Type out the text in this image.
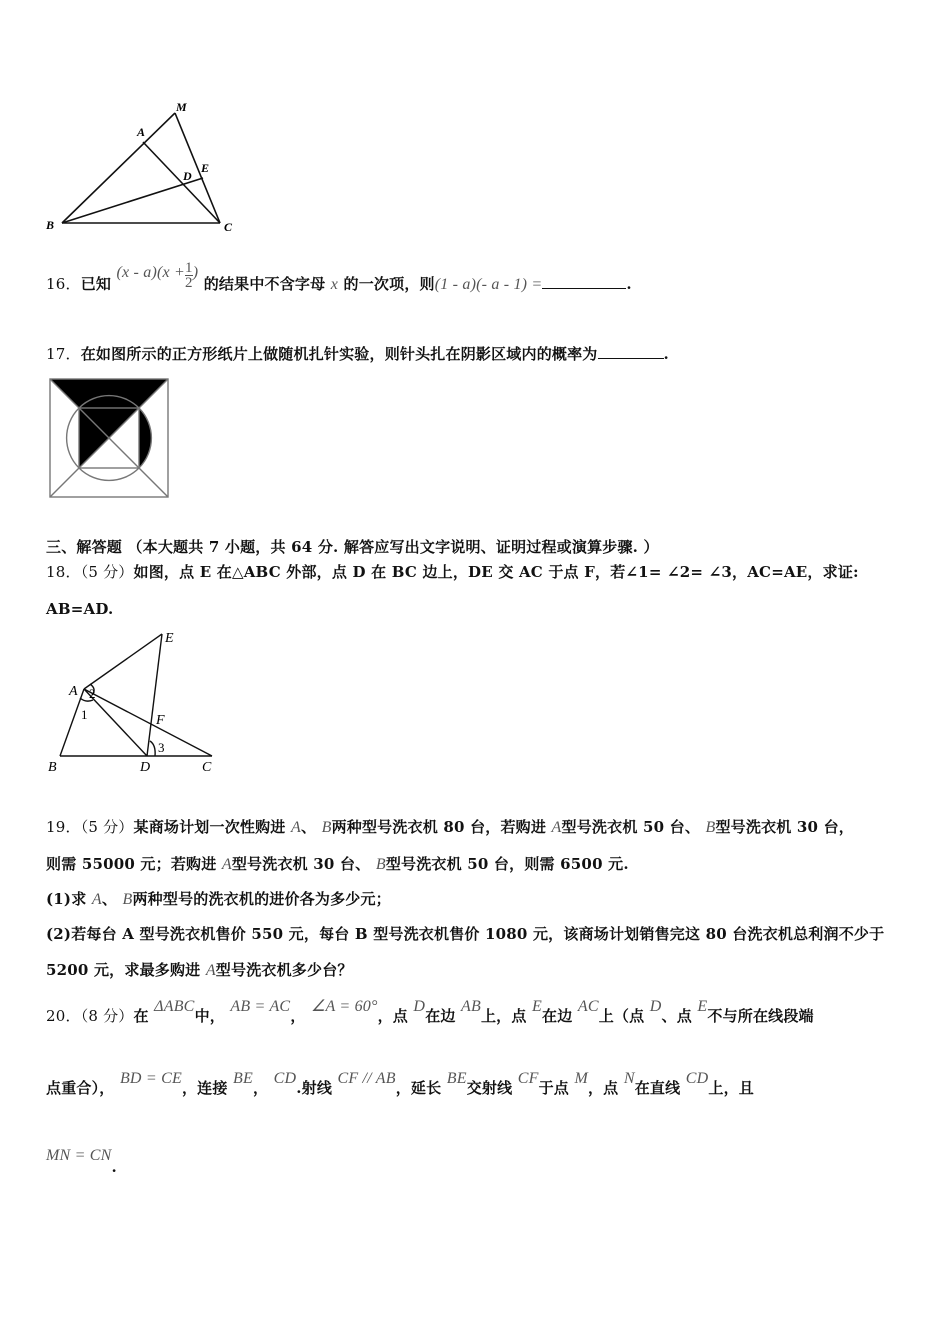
M
A
E
D
B	C
16．已知 $(x - a)(x + \frac{1}{2}$ ) 的结果中不含字母 x 的一次项，则(1 - a)(- a - 1) =	.
17．在如图所示的正方形纸片上做随机扎针实验，则针头扎在阴影区域内的概率为	.
三、解答题 （本大题共 7 小题，共 64 分. 解答应写出文字说明、证明过程或演算步骤. ）
18．（5 分）如图，点 E 在△ABC 外部，点 D 在 BC 边上，DE 交 AC 于点 F，若∠1= ∠2= ∠3，AC=AE，求证:
AB=AD.
E
A
1
2
F
3
B	D	C
19．（5 分）某商场计划一次性购进 A、 B两种型号洗衣机 80 台，若购进 A型号洗衣机 50 台、 B型号洗衣机 30 台，
则需 55000 元；若购进 A型号洗衣机 30 台、 B型号洗衣机 50 台，则需 6500 元.
(1)求 A、 B两种型号的洗衣机的进价各为多少元；
(2)若每台 A 型号洗衣机售价 550 元，每台 B 型号洗衣机售价 1080 元，该商场计划销售完这 80 台洗衣机总利润不少于
5200 元，求最多购进 A型号洗衣机多少台？
20．（8 分）在 ΔABC中， AB = AC， ∠A = 60°，点 D在边 AB上，点 E在边 AC上（点 D、点 E不与所在线段端
点重合）， BD = CE，连接 BE， CD.射线 CF // AB，延长 BE交射线 CF于点 M，点 N在直线 CD上，且
MN = CN.
